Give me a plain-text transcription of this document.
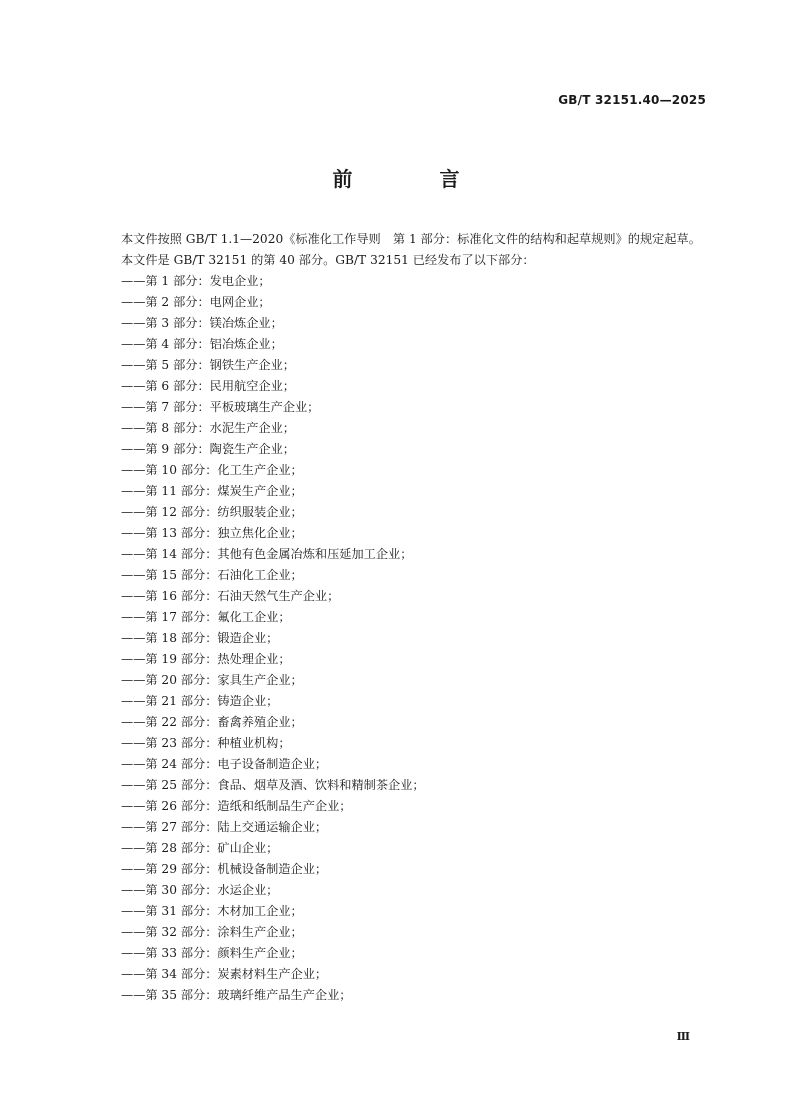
GB/T 32151.40—2025
前 言

本文件按照 GB/T 1.1—2020《标准化工作导则　第 1 部分：标准化文件的结构和起草规则》的规定起草。

本文件是 GB/T 32151 的第 40 部分。GB/T 32151 已经发布了以下部分：

——第 1 部分：发电企业；
——第 2 部分：电网企业；
——第 3 部分：镁冶炼企业；
——第 4 部分：铝冶炼企业；
——第 5 部分：钢铁生产企业；
——第 6 部分：民用航空企业；
——第 7 部分：平板玻璃生产企业；
——第 8 部分：水泥生产企业；
——第 9 部分：陶瓷生产企业；
——第 10 部分：化工生产企业；
——第 11 部分：煤炭生产企业；
——第 12 部分：纺织服装企业；
——第 13 部分：独立焦化企业；
——第 14 部分：其他有色金属冶炼和压延加工企业；
——第 15 部分：石油化工企业；
——第 16 部分：石油天然气生产企业；
——第 17 部分：氟化工企业；
——第 18 部分：锻造企业；
——第 19 部分：热处理企业；
——第 20 部分：家具生产企业；
——第 21 部分：铸造企业；
——第 22 部分：畜禽养殖企业；
——第 23 部分：种植业机构；
——第 24 部分：电子设备制造企业；
——第 25 部分：食品、烟草及酒、饮料和精制茶企业；
——第 26 部分：造纸和纸制品生产企业；
——第 27 部分：陆上交通运输企业；
——第 28 部分：矿山企业；
——第 29 部分：机械设备制造企业；
——第 30 部分：水运企业；
——第 31 部分：木材加工企业；
——第 32 部分：涂料生产企业；
——第 33 部分：颜料生产企业；
——第 34 部分：炭素材料生产企业；
——第 35 部分：玻璃纤维产品生产企业；
Ⅲ
